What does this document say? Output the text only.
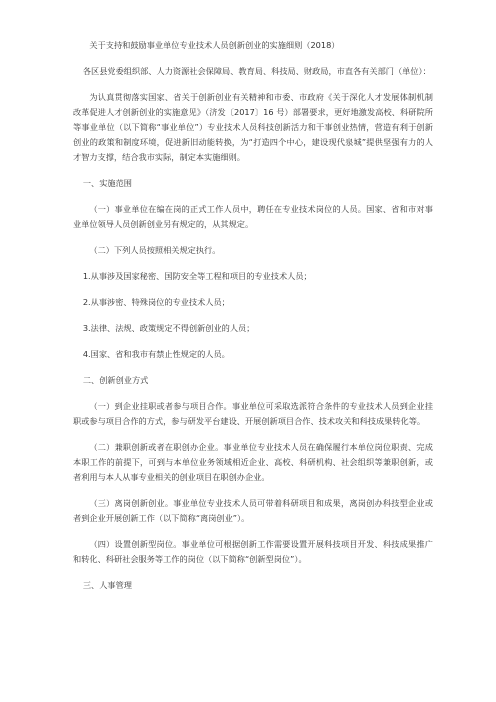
关于支持和鼓励事业单位专业技术人员创新创业的实施细则（2018）

各区县党委组织部、人力资源社会保障局、教育局、科技局、财政局，市直各有关部门（单位）：

为认真贯彻落实国家、省关于创新创业有关精神和市委、市政府《关于深化人才发展体制机制改革促进人才创新创业的实施意见》（济发〔2017〕16 号）部署要求，更好地激发高校、科研院所等事业单位（以下简称“事业单位”）专业技术人员科技创新活力和干事创业热情，营造有利于创新创业的政策和制度环境，促进新旧动能转换，为“打造四个中心，建设现代泉城”提供坚强有力的人才智力支撑，结合我市实际，制定本实施细则。

一、实施范围

（一）事业单位在编在岗的正式工作人员中，聘任在专业技术岗位的人员。国家、省和市对事业单位领导人员创新创业另有规定的，从其规定。

（二）下列人员按照相关规定执行。

1.从事涉及国家秘密、国防安全等工程和项目的专业技术人员；

2.从事涉密、特殊岗位的专业技术人员；

3.法律、法规、政策规定不得创新创业的人员；

4.国家、省和我市有禁止性规定的人员。

二、创新创业方式

（一）到企业挂职或者参与项目合作。事业单位可采取选派符合条件的专业技术人员到企业挂职或参与项目合作的方式，参与研发平台建设、开展创新项目合作、技术攻关和科技成果转化等。

（二）兼职创新或者在职创办企业。事业单位专业技术人员在确保履行本单位岗位职责、完成本职工作的前提下，可到与本单位业务领域相近企业、高校、科研机构、社会组织等兼职创新，或者利用与本人从事专业相关的创业项目在职创办企业。

（三）离岗创新创业。事业单位专业技术人员可带着科研项目和成果，离岗创办科技型企业或者到企业开展创新工作（以下简称“离岗创业”）。

（四）设置创新型岗位。事业单位可根据创新工作需要设置开展科技项目开发、科技成果推广和转化、科研社会服务等工作的岗位（以下简称“创新型岗位”）。

三、人事管理
